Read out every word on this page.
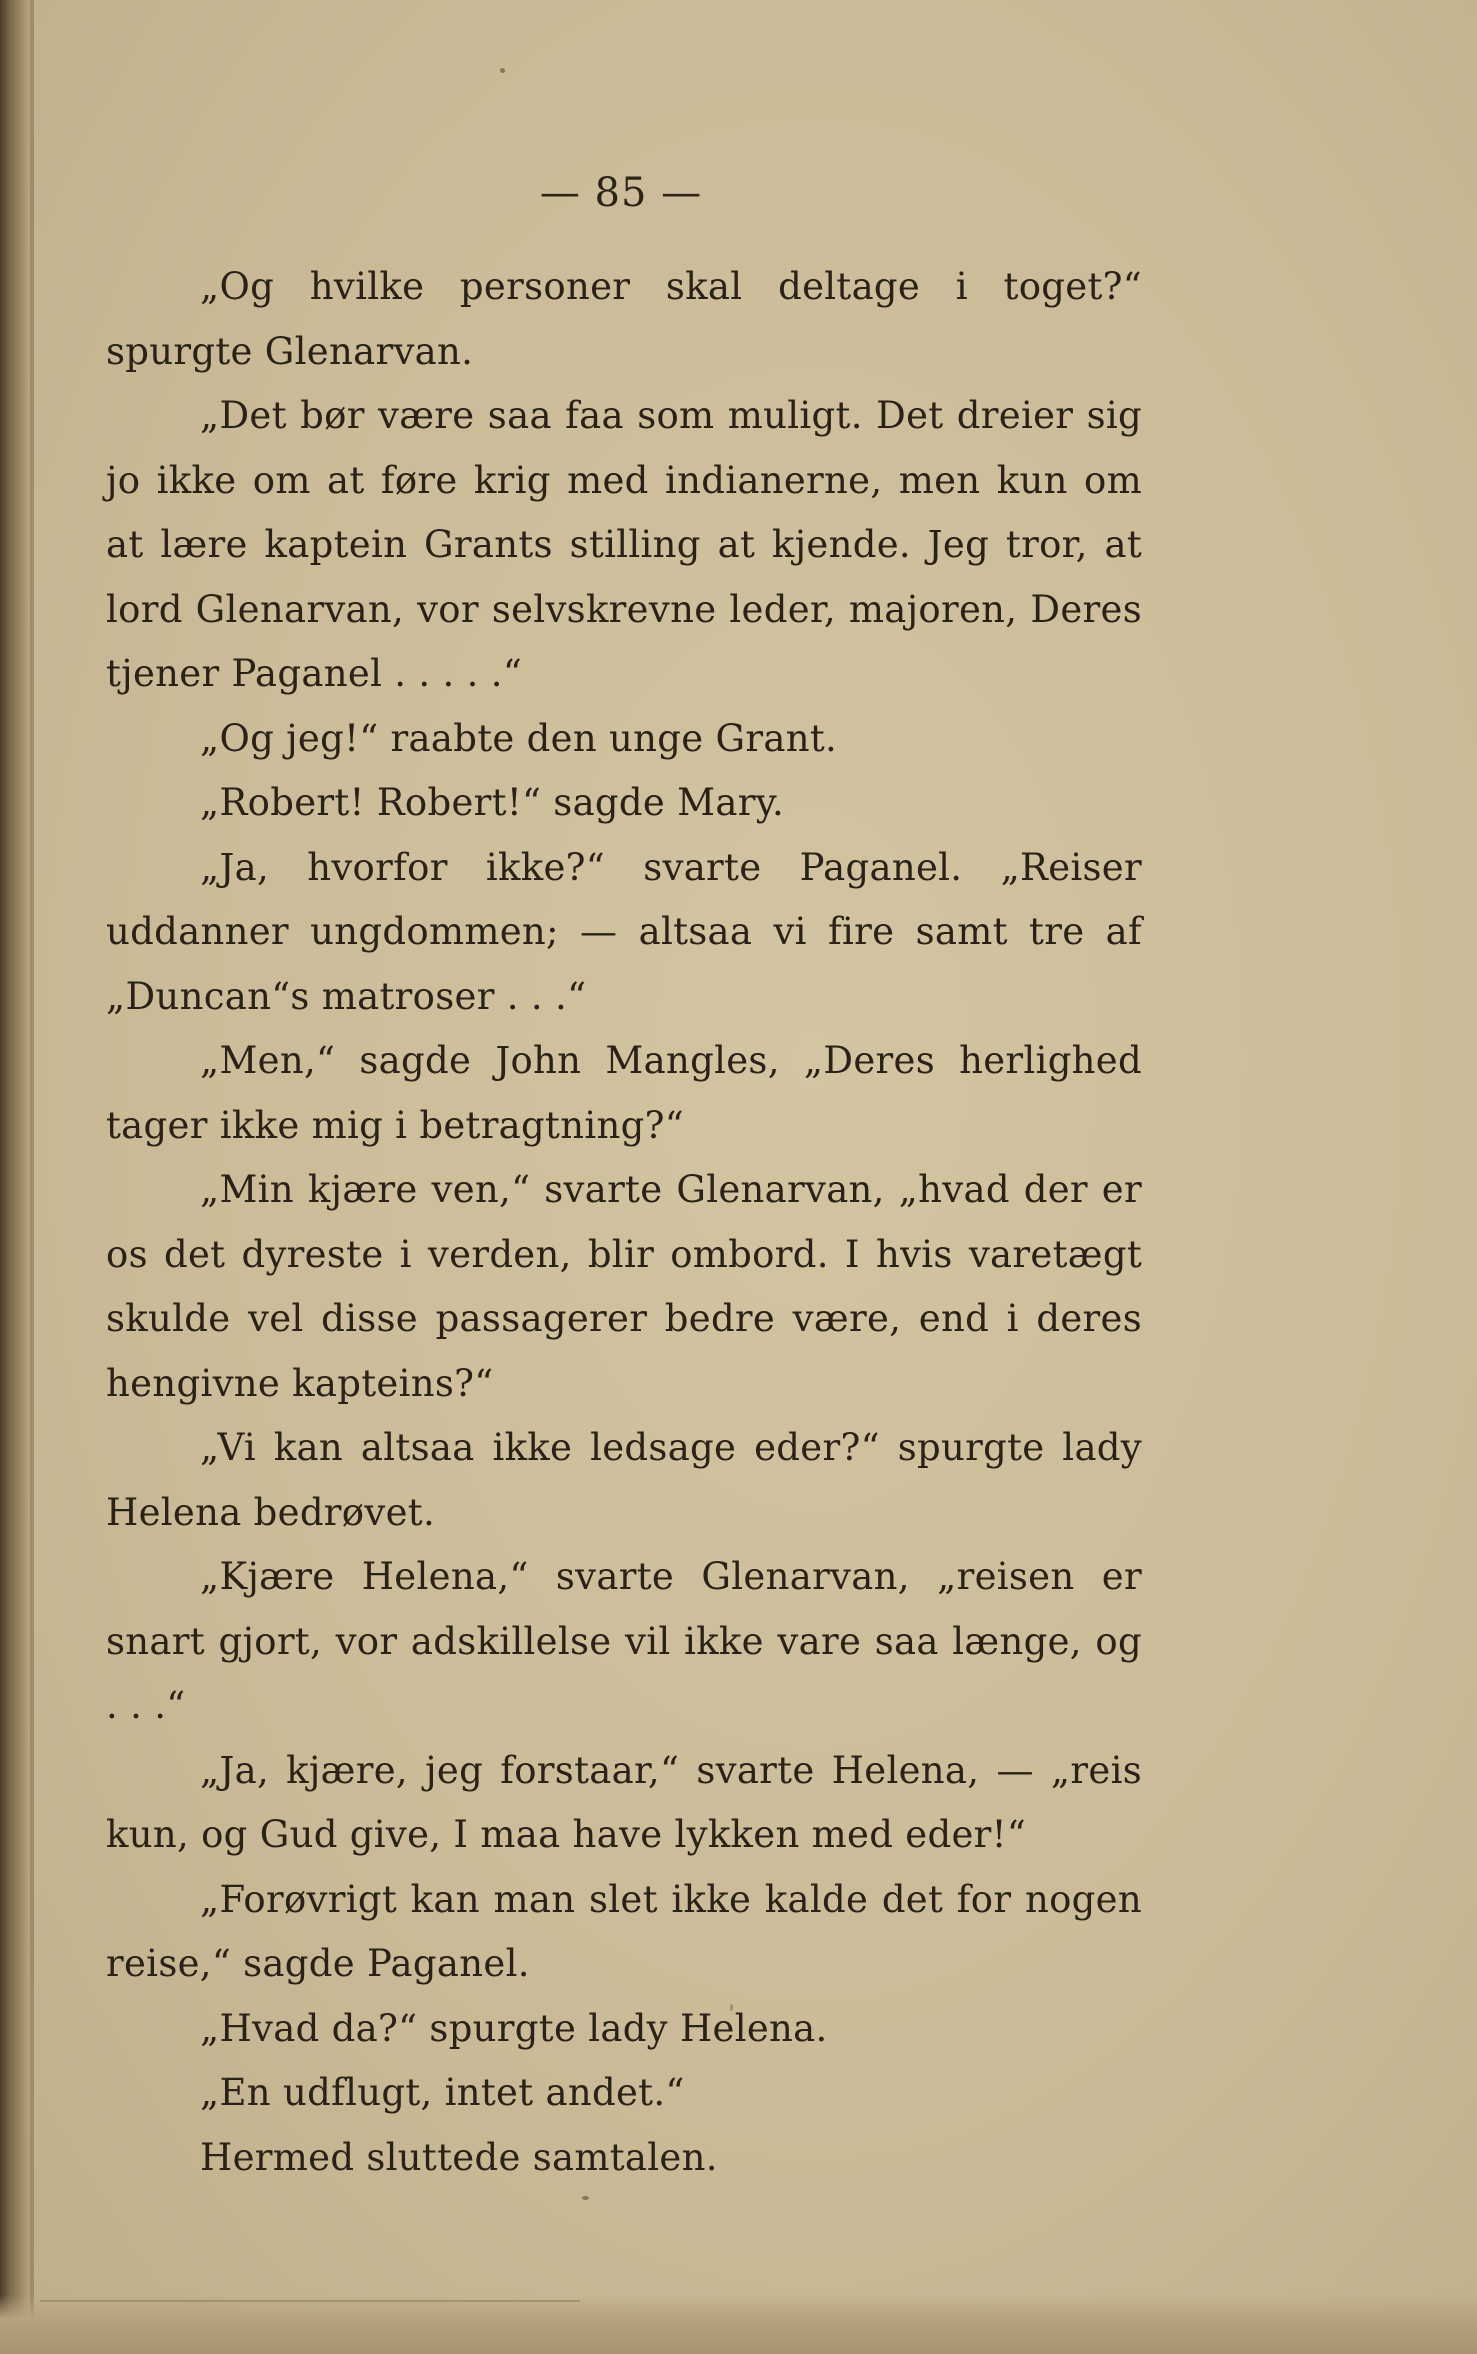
— 85 —

„Og hvilke personer skal deltage i toget?“ spurgte Glenarvan.

„Det bør være saa faa som muligt. Det dreier sig jo ikke om at føre krig med indianerne, men kun om at lære kaptein Grants stilling at kjende. Jeg tror, at lord Glenarvan, vor selvskrevne leder, majoren, Deres tjener Paganel . . . . .“

„Og jeg!“ raabte den unge Grant.

„Robert! Robert!“ sagde Mary.

„Ja, hvorfor ikke?“ svarte Paganel. „Reiser uddanner ungdommen; — altsaa vi fire samt tre af „Duncan“s matroser . . .“

„Men,“ sagde John Mangles, „Deres herlighed tager ikke mig i betragtning?“

„Min kjære ven,“ svarte Glenarvan, „hvad der er os det dyreste i verden, blir ombord. I hvis varetægt skulde vel disse passagerer bedre være, end i deres hengivne kapteins?“

„Vi kan altsaa ikke ledsage eder?“ spurgte lady Helena bedrøvet.

„Kjære Helena,“ svarte Glenarvan, „reisen er snart gjort, vor adskillelse vil ikke vare saa længe, og . . .“

„Ja, kjære, jeg forstaar,“ svarte Helena, — „reis kun, og Gud give, I maa have lykken med eder!“

„Forøvrigt kan man slet ikke kalde det for nogen reise,“ sagde Paganel.

„Hvad da?“ spurgte lady Helena.

„En udflugt, intet andet.“

Hermed sluttede samtalen.
